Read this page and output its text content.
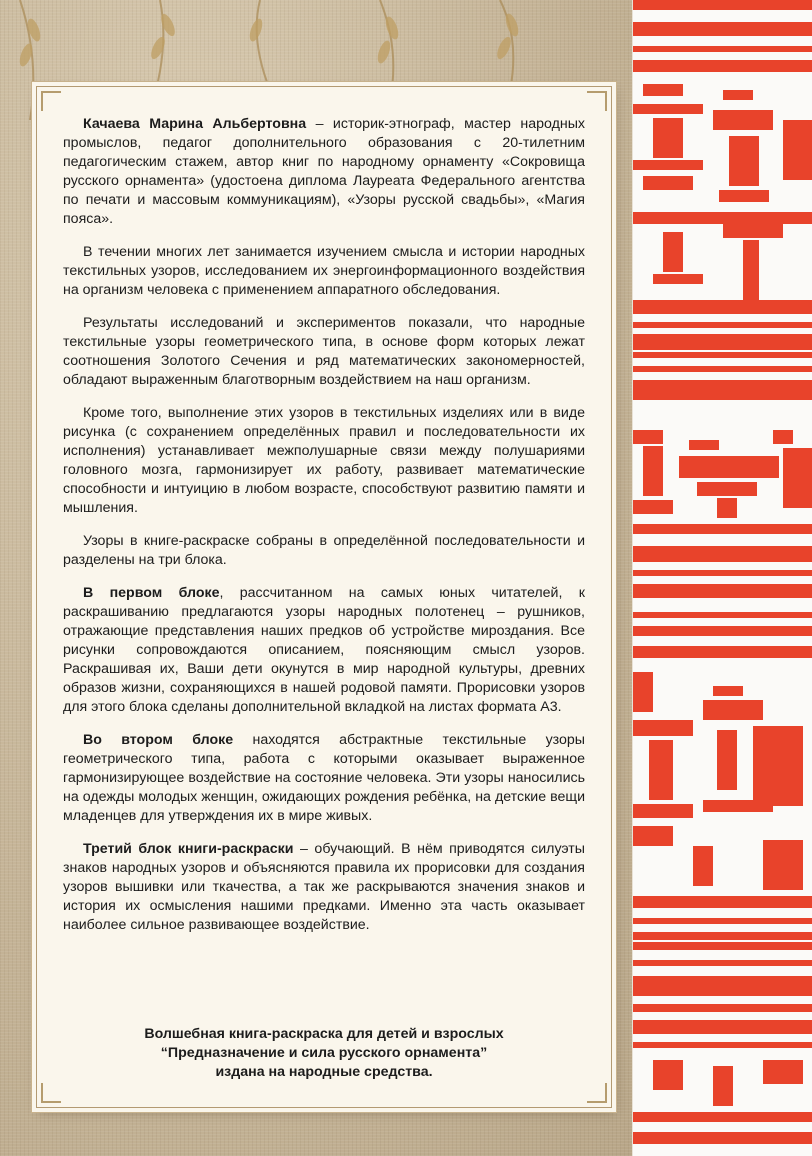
Качаева Марина Альбертовна – историк-этнограф, мастер народных промыслов, педагог дополнительного образования с 20-тилетним педагогическим стажем, автор книг по народному орнаменту «Сокровища русского орнамента» (удостоена диплома Лауреата Федерального агентства по печати и массовым коммуникациям), «Узоры русской свадьбы», «Магия пояса».

В течении многих лет занимается изучением смысла и истории народных текстильных узоров, исследованием их энергоинформационного воздействия на организм человека с применением аппаратного обследования.

Результаты исследований и экспериментов показали, что народные текстильные узоры геометрического типа, в основе форм которых лежат соотношения Золотого Сечения и ряд математических закономерностей, обладают выраженным благотворным воздействием на наш организм.

Кроме того, выполнение этих узоров в текстильных изделиях или в виде рисунка (с сохранением определённых правил и последовательности их исполнения) устанавливает межполушарные связи между полушариями головного мозга, гармонизирует их работу, развивает математические способности и интуицию в любом возрасте, способствуют развитию памяти и мышления.

Узоры в книге-раскраске собраны в определённой последовательности и разделены на три блока.

В первом блоке, рассчитанном на самых юных читателей, к раскрашиванию предлагаются узоры народных полотенец – рушников, отражающие представления наших предков об устройстве мироздания. Все рисунки сопровождаются описанием, поясняющим смысл узоров. Раскрашивая их, Ваши дети окунутся в мир народной культуры, древних образов жизни, сохраняющихся в нашей родовой памяти. Прорисовки узоров для этого блока сделаны дополнительной вкладкой на листах формата А3.

Во втором блоке находятся абстрактные текстильные узоры геометрического типа, работа с которыми оказывает выраженное гармонизирующее воздействие на состояние человека. Эти узоры наносились на одежды молодых женщин, ожидающих рождения ребёнка, на детские вещи младенцев для утверждения их в мире живых.

Третий блок книги-раскраски – обучающий. В нём приводятся силуэты знаков народных узоров и объясняются правила их прорисовки для создания узоров вышивки или ткачества, а так же раскрываются значения знаков и история их осмысления нашими предками. Именно эта часть оказывает наиболее сильное развивающее воздействие.

Волшебная книга-раскраска для детей и взрослых
“Предназначение и сила русского орнамента”
издана на народные средства.
